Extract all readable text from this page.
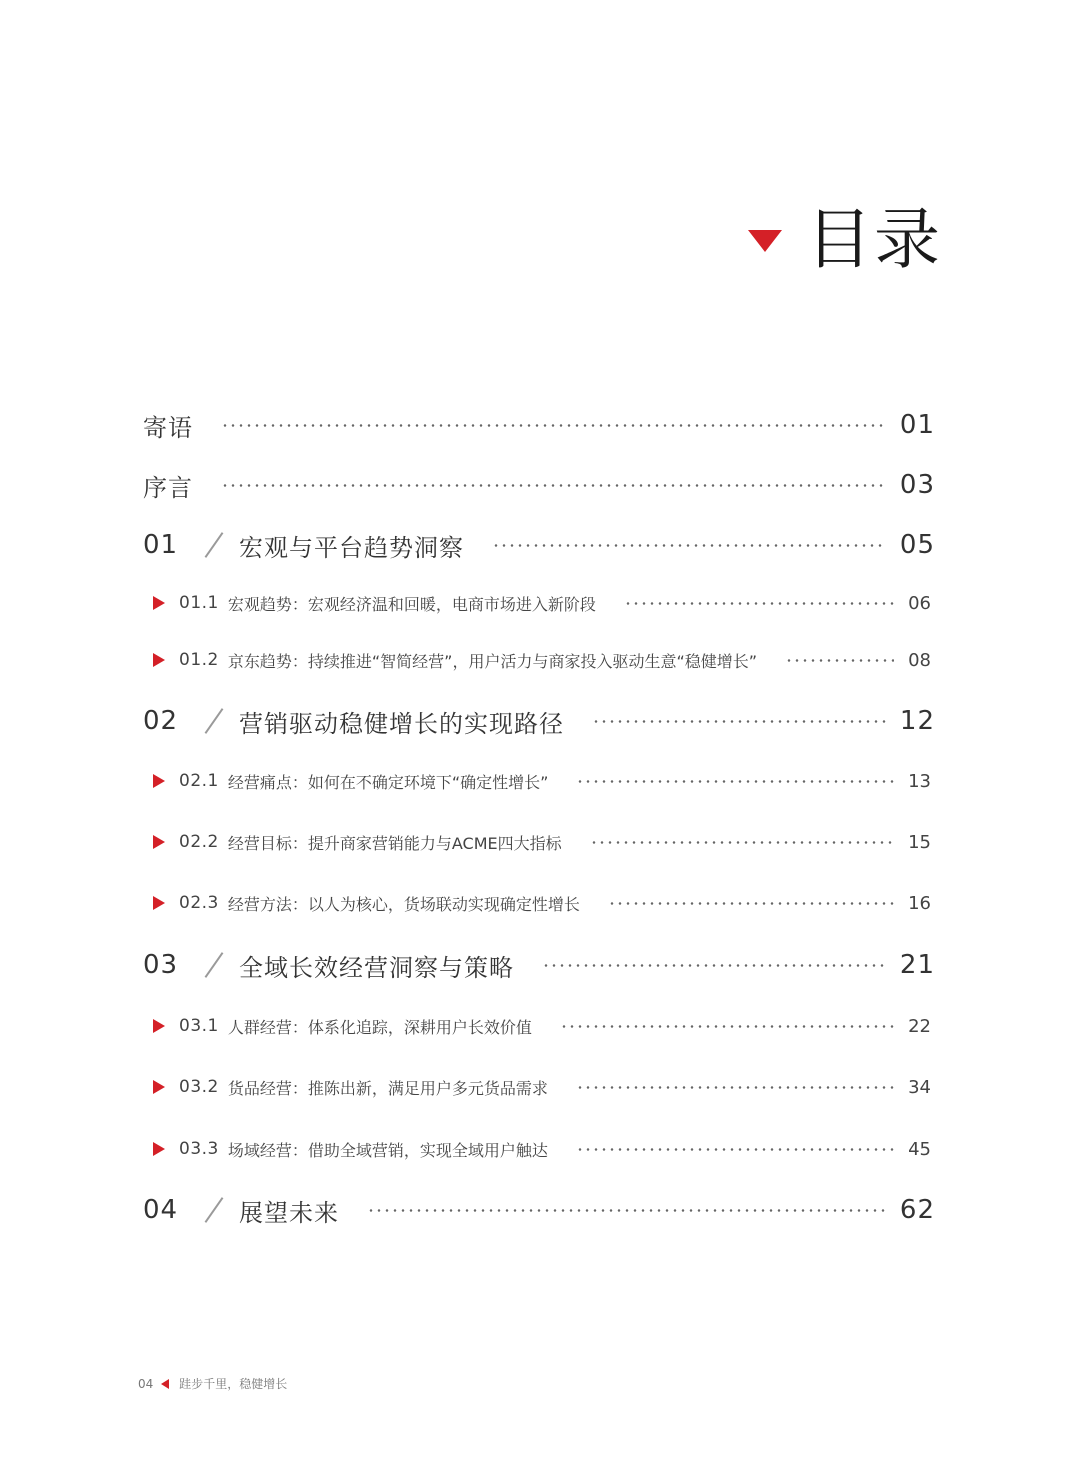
目录
寄语	01
序言	03
01	宏观与平台趋势洞察	05
01.1 宏观趋势：宏观经济温和回暖，电商市场进入新阶段	06
01.2 京东趋势：持续推进“智简经营”，用户活力与商家投入驱动生意“稳健增长”	08
02	营销驱动稳健增长的实现路径	12
02.1 经营痛点：如何在不确定环境下“确定性增长”	13
02.2 经营目标：提升商家营销能力与ACME四大指标	15
02.3 经营方法：以人为核心，货场联动实现确定性增长	16
03	全域长效经营洞察与策略	21
03.1 人群经营：体系化追踪，深耕用户长效价值	22
03.2 货品经营：推陈出新，满足用户多元货品需求	34
03.3 场域经营：借助全域营销，实现全域用户触达	45
04	展望未来	62
04 跬步千里，稳健增长
